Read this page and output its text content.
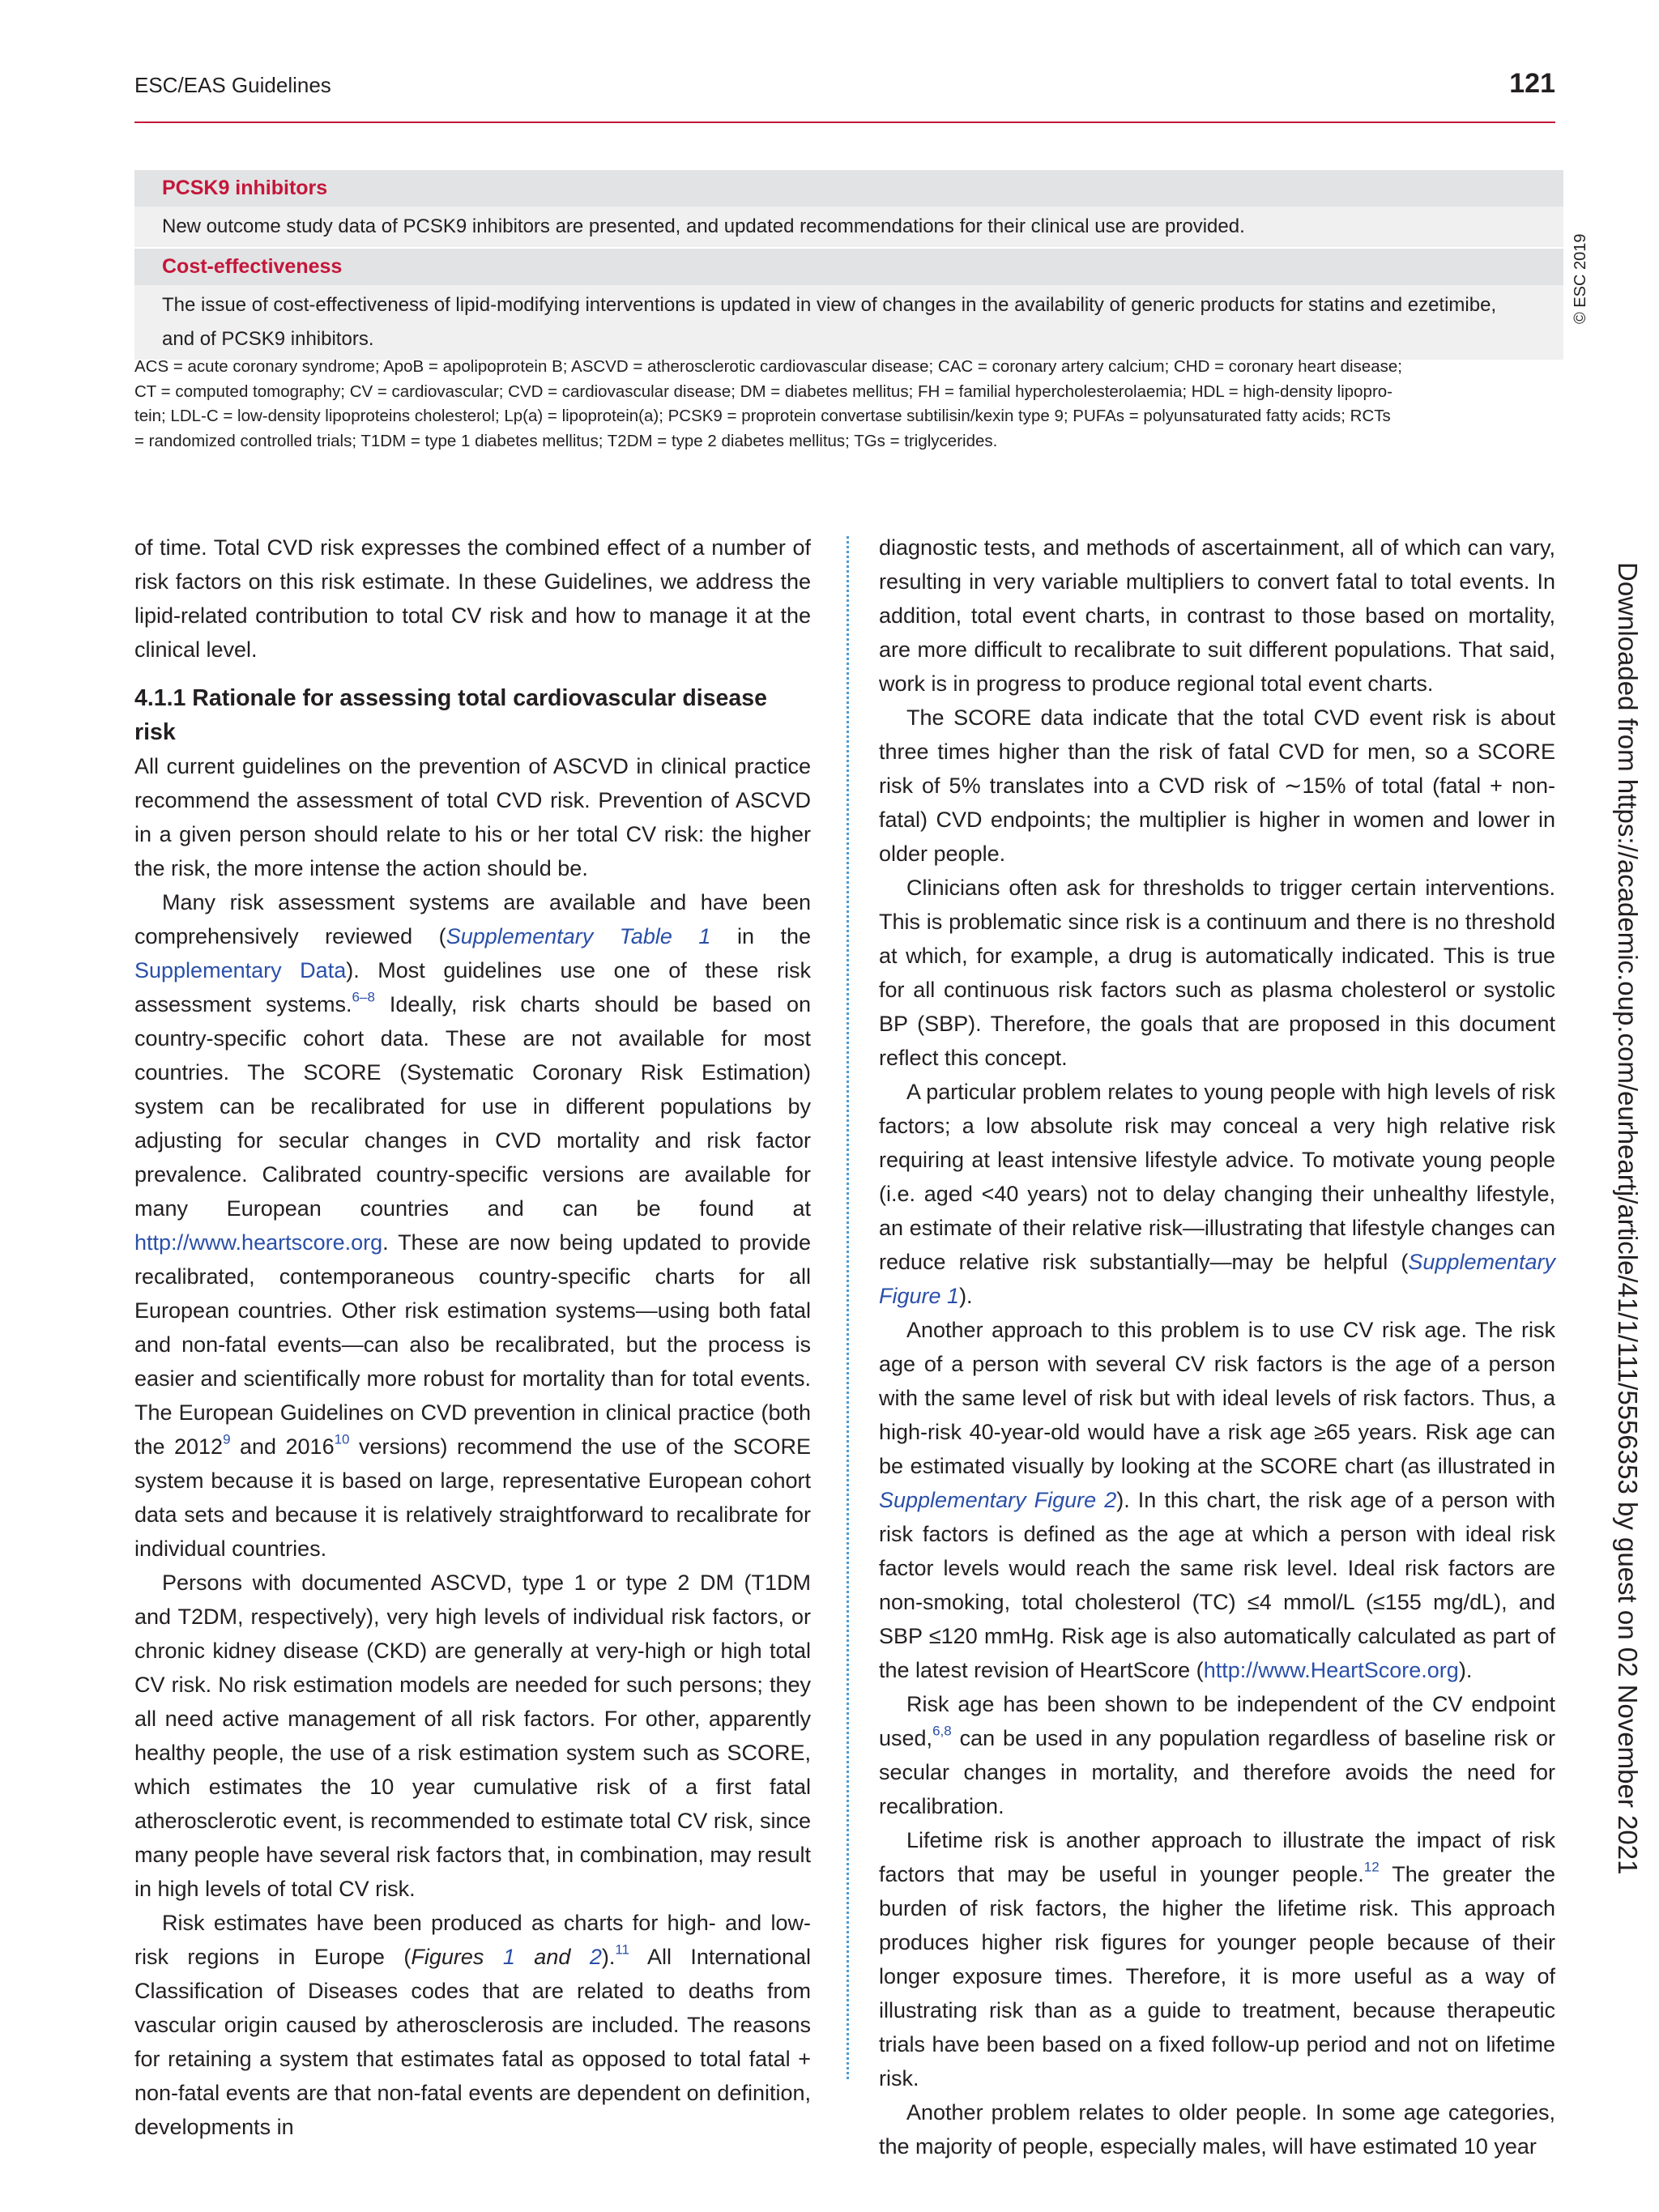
ESC/EAS Guidelines	121
PCSK9 inhibitors
New outcome study data of PCSK9 inhibitors are presented, and updated recommendations for their clinical use are provided.
Cost-effectiveness
The issue of cost-effectiveness of lipid-modifying interventions is updated in view of changes in the availability of generic products for statins and ezetimibe,
and of PCSK9 inhibitors.
ACS = acute coronary syndrome; ApoB = apolipoprotein B; ASCVD = atherosclerotic cardiovascular disease; CAC = coronary artery calcium; CHD = coronary heart disease;
CT = computed tomography; CV = cardiovascular; CVD = cardiovascular disease; DM = diabetes mellitus; FH = familial hypercholesterolaemia; HDL = high-density lipopro-
tein; LDL-C = low-density lipoproteins cholesterol; Lp(a) = lipoprotein(a); PCSK9 = proprotein convertase subtilisin/kexin type 9; PUFAs = polyunsaturated fatty acids; RCTs
= randomized controlled trials; T1DM = type 1 diabetes mellitus; T2DM = type 2 diabetes mellitus; TGs = triglycerides.
© ESC 2019
Downloaded from https://academic.oup.com/eurheartj/article/41/1/111/5556353 by guest on 02 November 2021

of time. Total CVD risk expresses the combined effect of a number of risk factors on this risk estimate. In these Guidelines, we address the lipid-related contribution to total CV risk and how to manage it at the clinical level.

4.1.1 Rationale for assessing total cardiovascular disease risk

All current guidelines on the prevention of ASCVD in clinical practice recommend the assessment of total CVD risk. Prevention of ASCVD in a given person should relate to his or her total CV risk: the higher the risk, the more intense the action should be.

Many risk assessment systems are available and have been comprehensively reviewed (Supplementary Table 1 in the Supplementary Data). Most guidelines use one of these risk assessment systems.$^{6-8}$ Ideally, risk charts should be based on country-specific cohort data. These are not available for most countries. The SCORE (Systematic Coronary Risk Estimation) system can be recalibrated for use in different populations by adjusting for secular changes in CVD mortality and risk factor prevalence. Calibrated country-specific versions are available for many European countries and can be found at http://www.heartscore.org. These are now being updated to provide recalibrated, contemporaneous country-specific charts for all European countries. Other risk estimation systems—using both fatal and non-fatal events—can also be recalibrated, but the process is easier and scientifically more robust for mortality than for total events. The European Guidelines on CVD prevention in clinical practice (both the 2012$^9$ and 2016$^{10}$ versions) recommend the use of the SCORE system because it is based on large, representative European cohort data sets and because it is relatively straightforward to recalibrate for individual countries.

Persons with documented ASCVD, type 1 or type 2 DM (T1DM and T2DM, respectively), very high levels of individual risk factors, or chronic kidney disease (CKD) are generally at very-high or high total CV risk. No risk estimation models are needed for such persons; they all need active management of all risk factors. For other, apparently healthy people, the use of a risk estimation system such as SCORE, which estimates the 10 year cumulative risk of a first fatal atherosclerotic event, is recommended to estimate total CV risk, since many people have several risk factors that, in combination, may result in high levels of total CV risk.

Risk estimates have been produced as charts for high- and low-risk regions in Europe (Figures 1 and 2).$^{11}$ All International Classification of Diseases codes that are related to deaths from vascular origin caused by atherosclerosis are included. The reasons for retaining a system that estimates fatal as opposed to total fatal + non-fatal events are that non-fatal events are dependent on definition, developments in

diagnostic tests, and methods of ascertainment, all of which can vary, resulting in very variable multipliers to convert fatal to total events. In addition, total event charts, in contrast to those based on mortality, are more difficult to recalibrate to suit different populations. That said, work is in progress to produce regional total event charts.

The SCORE data indicate that the total CVD event risk is about three times higher than the risk of fatal CVD for men, so a SCORE risk of 5% translates into a CVD risk of ∼15% of total (fatal + non-fatal) CVD endpoints; the multiplier is higher in women and lower in older people.

Clinicians often ask for thresholds to trigger certain interventions. This is problematic since risk is a continuum and there is no threshold at which, for example, a drug is automatically indicated. This is true for all continuous risk factors such as plasma cholesterol or systolic BP (SBP). Therefore, the goals that are proposed in this document reflect this concept.

A particular problem relates to young people with high levels of risk factors; a low absolute risk may conceal a very high relative risk requiring at least intensive lifestyle advice. To motivate young people (i.e. aged <40 years) not to delay changing their unhealthy lifestyle, an estimate of their relative risk—illustrating that lifestyle changes can reduce relative risk substantially—may be helpful (Supplementary Figure 1).

Another approach to this problem is to use CV risk age. The risk age of a person with several CV risk factors is the age of a person with the same level of risk but with ideal levels of risk factors. Thus, a high-risk 40-year-old would have a risk age ≥65 years. Risk age can be estimated visually by looking at the SCORE chart (as illustrated in Supplementary Figure 2). In this chart, the risk age of a person with risk factors is defined as the age at which a person with ideal risk factor levels would reach the same risk level. Ideal risk factors are non-smoking, total cholesterol (TC) ≤4 mmol/L (≤155 mg/dL), and SBP ≤120 mmHg. Risk age is also automatically calculated as part of the latest revision of HeartScore (http://www.HeartScore.org).

Risk age has been shown to be independent of the CV endpoint used,$^{6,8}$ can be used in any population regardless of baseline risk or secular changes in mortality, and therefore avoids the need for recalibration.

Lifetime risk is another approach to illustrate the impact of risk factors that may be useful in younger people.$^{12}$ The greater the burden of risk factors, the higher the lifetime risk. This approach produces higher risk figures for younger people because of their longer exposure times. Therefore, it is more useful as a way of illustrating risk than as a guide to treatment, because therapeutic trials have been based on a fixed follow-up period and not on lifetime risk.

Another problem relates to older people. In some age categories, the majority of people, especially males, will have estimated 10 year
